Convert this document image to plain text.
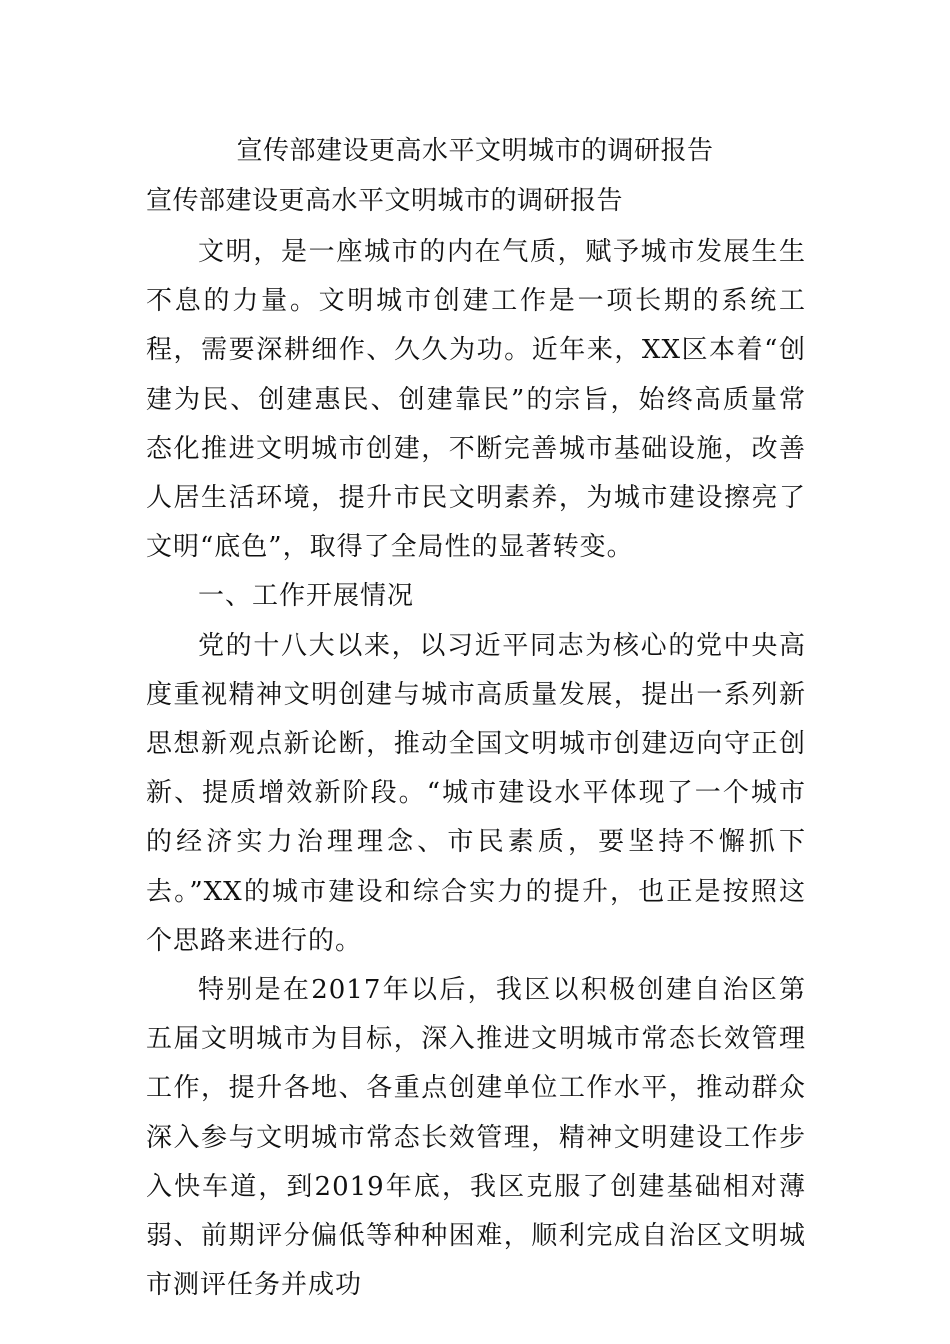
宣传部建设更高水平文明城市的调研报告

宣传部建设更高水平文明城市的调研报告

文明，是一座城市的内在气质，赋予城市发展生生不息的力量。文明城市创建工作是一项长期的系统工程，需要深耕细作、久久为功。近年来，XX区本着“创建为民、创建惠民、创建靠民”的宗旨，始终高质量常态化推进文明城市创建，不断完善城市基础设施，改善人居生活环境，提升市民文明素养，为城市建设擦亮了文明“底色”，取得了全局性的显著转变。

一、工作开展情况

党的十八大以来，以习近平同志为核心的党中央高度重视精神文明创建与城市高质量发展，提出一系列新思想新观点新论断，推动全国文明城市创建迈向守正创新、提质增效新阶段。“城市建设水平体现了一个城市的经济实力治理理念、市民素质，要坚持不懈抓下去。”XX的城市建设和综合实力的提升，也正是按照这个思路来进行的。

特别是在2017年以后，我区以积极创建自治区第五届文明城市为目标，深入推进文明城市常态长效管理工作，提升各地、各重点创建单位工作水平，推动群众深入参与文明城市常态长效管理，精神文明建设工作步入快车道，到2019年底，我区克服了创建基础相对薄弱、前期评分偏低等种种困难，顺利完成自治区文明城市测评任务并成功
